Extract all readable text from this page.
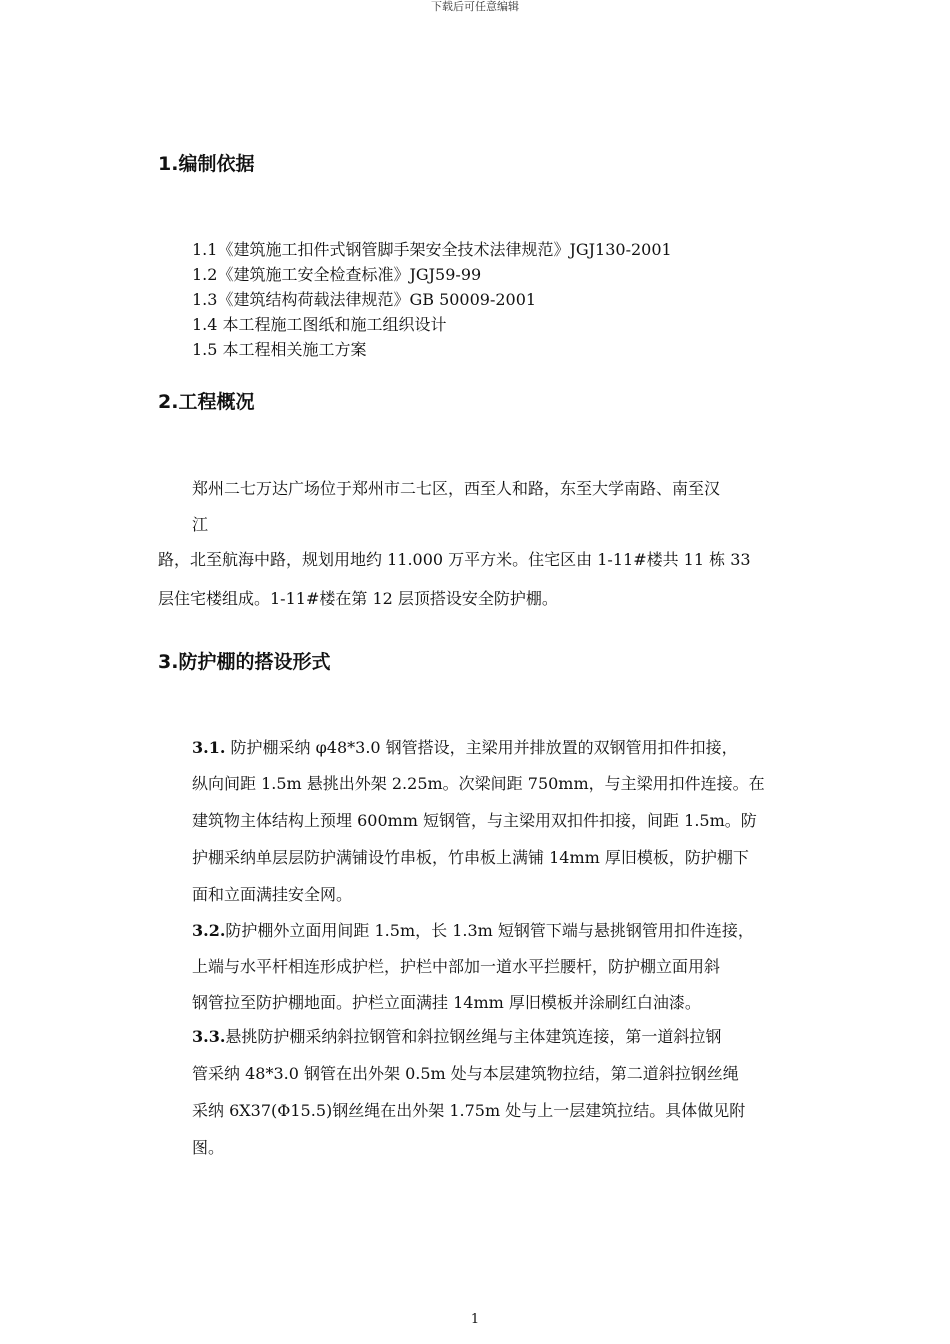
下载后可任意编辑
1.编制依据
1.1《建筑施工扣件式钢管脚手架安全技术法律规范》JGJ130-2001
1.2《建筑施工安全检查标准》JGJ59-99
1.3《建筑结构荷载法律规范》GB 50009-2001
1.4 本工程施工图纸和施工组织设计
1.5 本工程相关施工方案
2.工程概况
郑州二七万达广场位于郑州市二七区，西至人和路，东至大学南路、南至汉
江
路，北至航海中路，规划用地约 11.000 万平方米。住宅区由 1-11#楼共 11 栋 33
层住宅楼组成。1-11#楼在第 12 层顶搭设安全防护棚。
3.防护棚的搭设形式
3.1. 防护棚采纳 φ48*3.0 钢管搭设，主梁用并排放置的双钢管用扣件扣接，
纵向间距 1.5m 悬挑出外架 2.25m。次梁间距 750mm，与主梁用扣件连接。在
建筑物主体结构上预埋 600mm 短钢管，与主梁用双扣件扣接，间距 1.5m。防
护棚采纳单层层防护满铺设竹串板，竹串板上满铺 14mm 厚旧模板，防护棚下
面和立面满挂安全网。
3.2.防护棚外立面用间距 1.5m，长 1.3m 短钢管下端与悬挑钢管用扣件连接，
上端与水平杆相连形成护栏，护栏中部加一道水平拦腰杆，防护棚立面用斜
钢管拉至防护棚地面。护栏立面满挂 14mm 厚旧模板并涂刷红白油漆。
3.3.悬挑防护棚采纳斜拉钢管和斜拉钢丝绳与主体建筑连接，第一道斜拉钢
管采纳 48*3.0 钢管在出外架 0.5m 处与本层建筑物拉结，第二道斜拉钢丝绳
采纳 6X37(Φ15.5)钢丝绳在出外架 1.75m 处与上一层建筑拉结。具体做见附
图。
1
